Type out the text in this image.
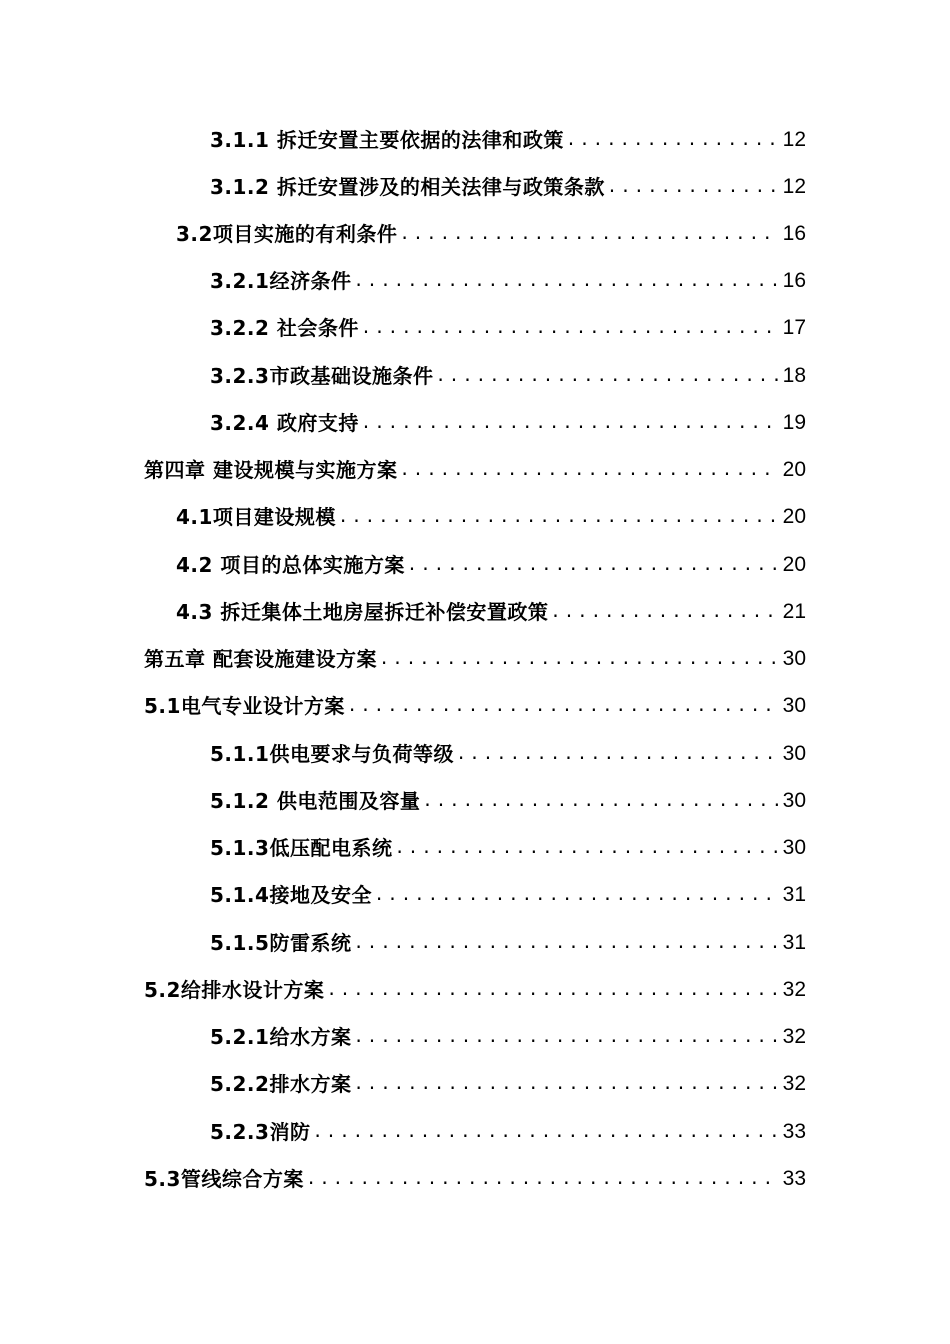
3.1.1 拆迁安置主要依据的法律和政策 .....	12
3.1.2 拆迁安置涉及的相关法律与政策条款 .....	12
3.2项目实施的有利条件 .....	16
3.2.1经济条件 .....	16
3.2.2 社会条件 .....	17
3.2.3市政基础设施条件 .....	18
3.2.4 政府支持 .....	19
第四章 建设规模与实施方案 .....	20
4.1项目建设规模 .....	20
4.2 项目的总体实施方案 .....	20
4.3 拆迁集体土地房屋拆迁补偿安置政策 .....	21
第五章 配套设施建设方案 .....	30
5.1电气专业设计方案 .....	30
5.1.1供电要求与负荷等级 .....	30
5.1.2 供电范围及容量 .....	30
5.1.3低压配电系统 .....	30
5.1.4接地及安全 .....	31
5.1.5防雷系统 .....	31
5.2给排水设计方案 .....	32
5.2.1给水方案 .....	32
5.2.2排水方案 .....	32
5.2.3消防 .....	33
5.3管线综合方案 .....	33
